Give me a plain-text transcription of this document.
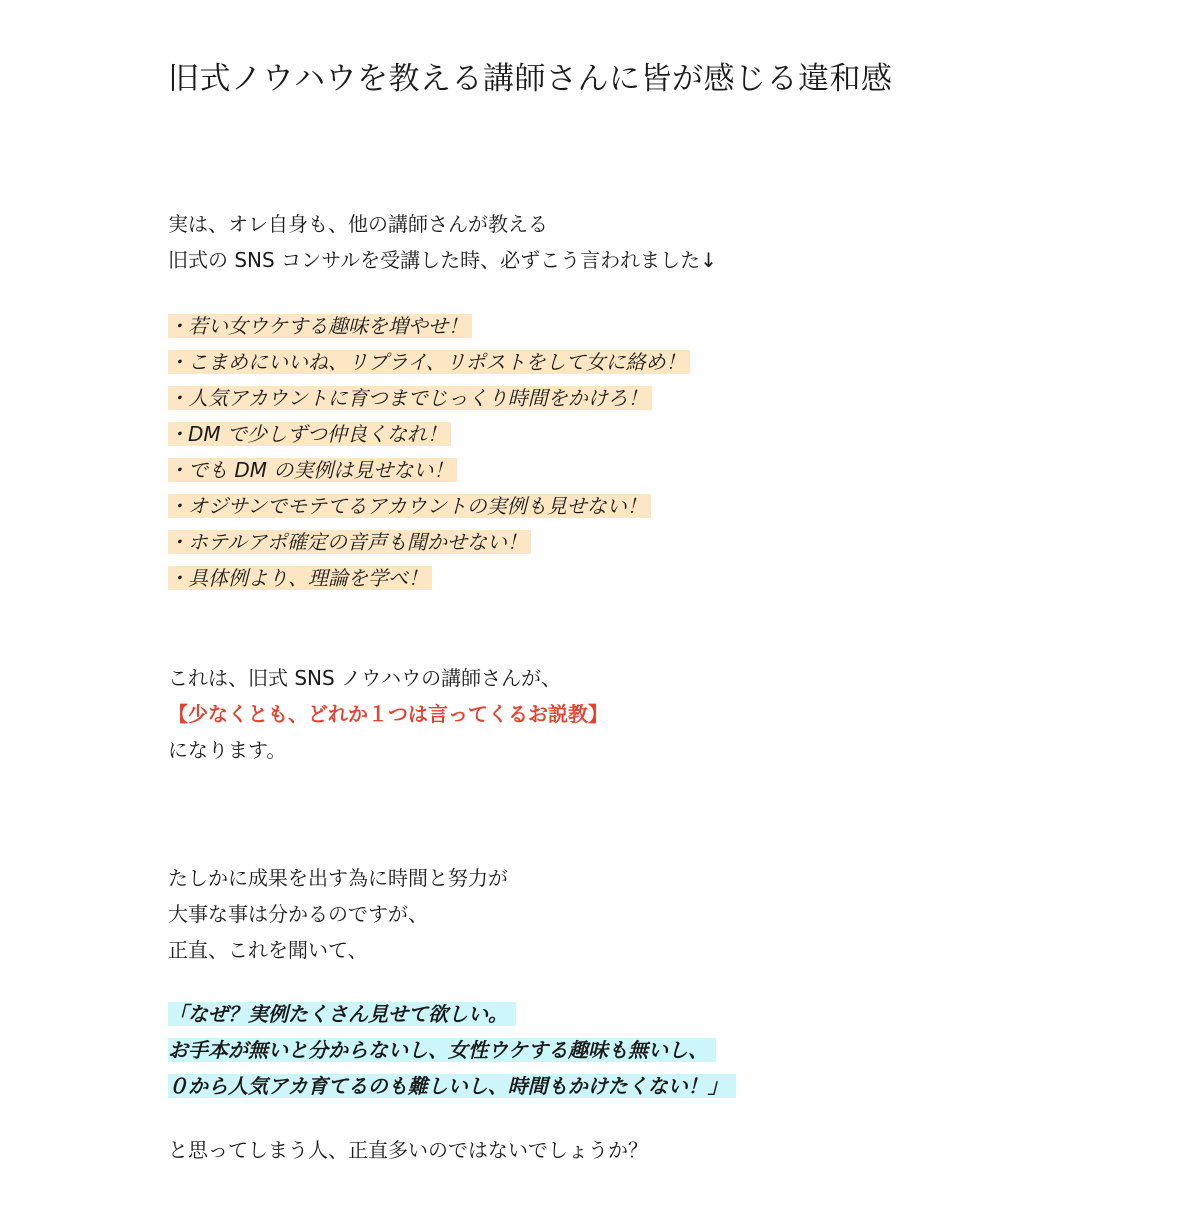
旧式ノウハウを教える講師さんに皆が感じる違和感
実は、オレ自身も、他の講師さんが教える
旧式の SNS コンサルを受講した時、必ずこう言われました↓
・若い女ウケする趣味を増やせ！
・こまめにいいね、リプライ、リポストをして女に絡め！
・人気アカウントに育つまでじっくり時間をかけろ！
・DM で少しずつ仲良くなれ！
・でも DM の実例は見せない！
・オジサンでモテてるアカウントの実例も見せない！
・ホテルアポ確定の音声も聞かせない！
・具体例より、理論を学べ！
これは、旧式 SNS ノウハウの講師さんが、
【少なくとも、どれか１つは言ってくるお説教】
になります。
たしかに成果を出す為に時間と努力が
大事な事は分かるのですが、
正直、これを聞いて、
「なぜ？実例たくさん見せて欲しい。
お手本が無いと分からないし、女性ウケする趣味も無いし、
０から人気アカ育てるのも難しいし、時間もかけたくない！」
と思ってしまう人、正直多いのではないでしょうか？
